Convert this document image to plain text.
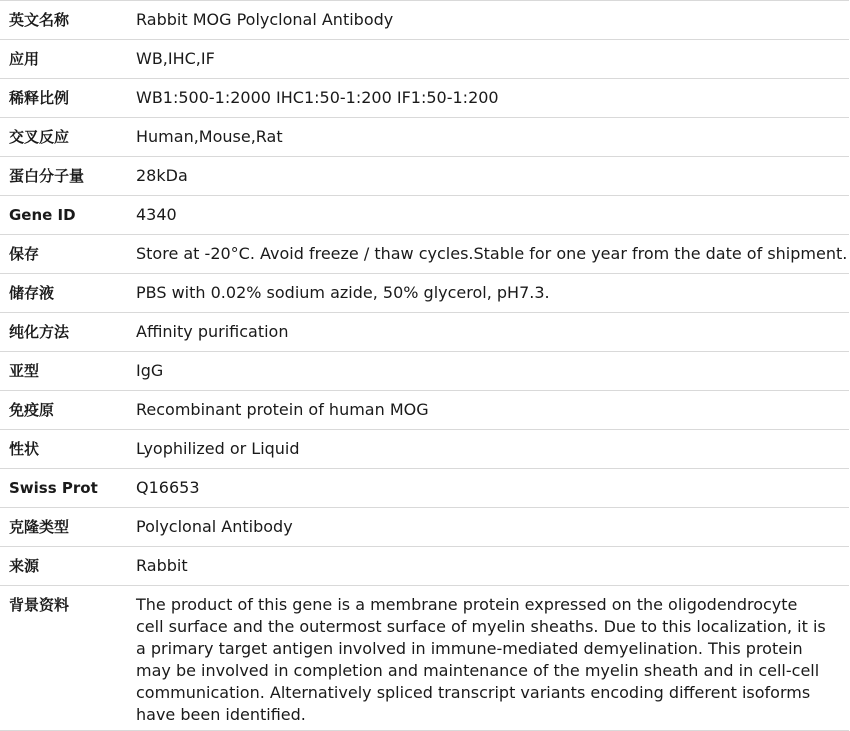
英文名称	Rabbit MOG Polyclonal Antibody
应用	WB,IHC,IF
稀释比例	WB1:500-1:2000 IHC1:50-1:200 IF1:50-1:200
交叉反应	Human,Mouse,Rat
蛋白分子量	28kDa
Gene ID	4340
保存	Store at -20°C. Avoid freeze / thaw cycles.Stable for one year from the date of shipment.
储存液	PBS with 0.02% sodium azide, 50% glycerol, pH7.3.
纯化方法	Affinity purification
亚型	IgG
免疫原	Recombinant protein of human MOG
性状	Lyophilized or Liquid
Swiss Prot	Q16653
克隆类型	Polyclonal Antibody
来源	Rabbit
背景资料	The product of this gene is a membrane protein expressed on the oligodendrocyte cell surface and the outermost surface of myelin sheaths. Due to this localization, it is a primary target antigen involved in immune-mediated demyelination. This protein may be involved in completion and maintenance of the myelin sheath and in cell-cell communication. Alternatively spliced transcript variants encoding different isoforms have been identified.
